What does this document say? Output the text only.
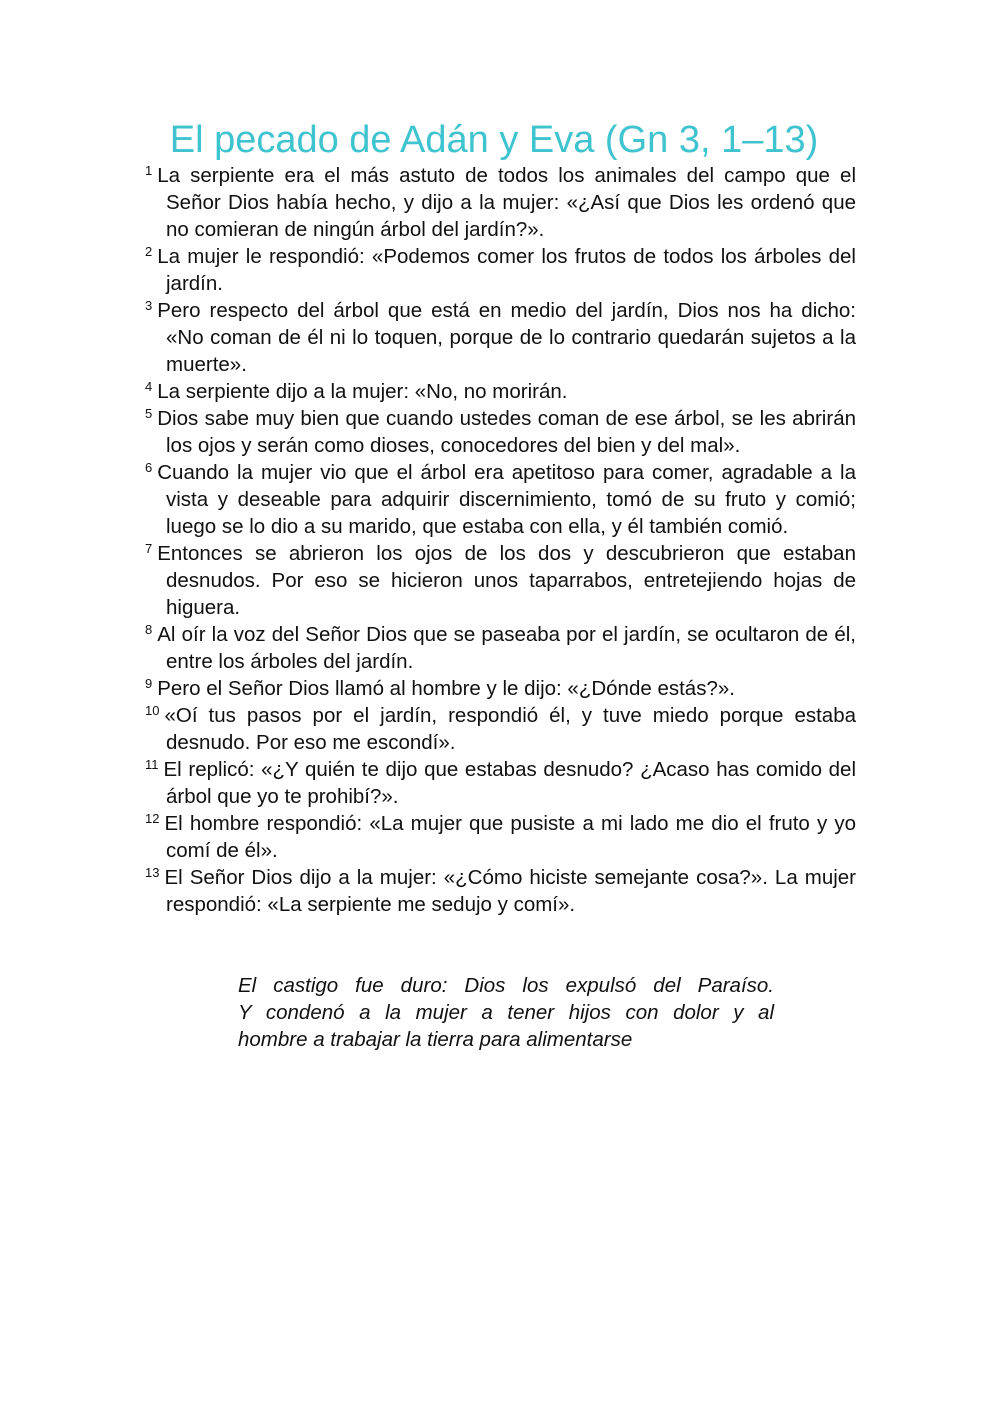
El pecado de Adán y Eva (Gn 3, 1–13)
$^1$ La serpiente era el más astuto de todos los animales del campo que el Señor Dios había hecho, y dijo a la mujer: «¿Así que Dios les ordenó que no comieran de ningún árbol del jardín?».
$^2$ La mujer le respondió: «Podemos comer los frutos de todos los árboles del jardín.
$^3$ Pero respecto del árbol que está en medio del jardín, Dios nos ha dicho: «No coman de él ni lo toquen, porque de lo contrario quedarán sujetos a la muerte».
$^4$ La serpiente dijo a la mujer: «No, no morirán.
$^5$ Dios sabe muy bien que cuando ustedes coman de ese árbol, se les abrirán los ojos y serán como dioses, conocedores del bien y del mal».
$^6$ Cuando la mujer vio que el árbol era apetitoso para comer, agradable a la vista y deseable para adquirir discernimiento, tomó de su fruto y comió; luego se lo dio a su marido, que estaba con ella, y él también comió.
$^7$ Entonces se abrieron los ojos de los dos y descubrieron que estaban desnudos. Por eso se hicieron unos taparrabos, entretejiendo hojas de higuera.
$^8$ Al oír la voz del Señor Dios que se paseaba por el jardín, se ocultaron de él, entre los árboles del jardín.
$^9$ Pero el Señor Dios llamó al hombre y le dijo: «¿Dónde estás?».
$^{10}$ «Oí tus pasos por el jardín, respondió él, y tuve miedo porque estaba desnudo. Por eso me escondí».
$^{11}$ El replicó: «¿Y quién te dijo que estabas desnudo? ¿Acaso has comido del árbol que yo te prohibí?».
$^{12}$ El hombre respondió: «La mujer que pusiste a mi lado me dio el fruto y yo comí de él».
$^{13}$ El Señor Dios dijo a la mujer: «¿Cómo hiciste semejante cosa?». La mujer respondió: «La serpiente me sedujo y comí».

El castigo fue duro: Dios los expulsó del Paraíso.
Y condenó a la mujer a tener hijos con dolor y al
hombre a trabajar la tierra para alimentarse
